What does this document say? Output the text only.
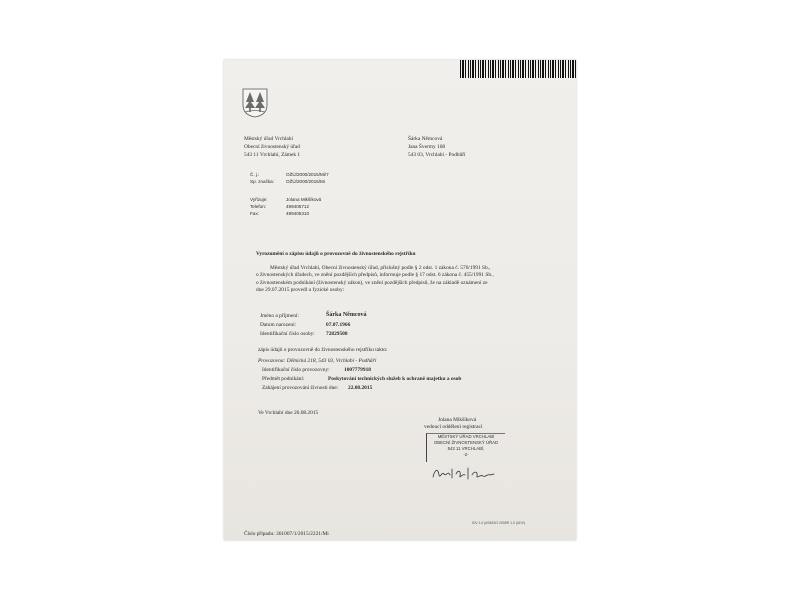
Městský úřad Vrchlabí
Obecní živnostenský úřad
543 11 Vrchlabí, Zámek 1
Šárka Němcová
Jana Švermy 168
543 03, Vrchlabí - Podhůří
Č. j.:	OŽÚ/2000/2015/Mi/7
Sp. značka:	OŽÚ/2000/2015/Mi
Vyřizuje:	Jolana Mikšíková
Telefon:	499405712
Fax:	499405310
Vyrozumění o zápisu údajů o provozovně do živnostenského rejstříku
Městský úřad Vrchlabí, Obecní živnostenský úřad, příslušný podle § 2 odst. 1 zákona č. 570/1991 Sb.,
o živnostenských úřadech, ve znění pozdějších předpisů, informuje podle § 17 odst. 6 zákona č. 455/1991 Sb.,
o živnostenském podnikání (živnostenský zákon), ve znění pozdějších předpisů, že na základě oznámení ze
dne 29.07.2015 provedl u fyzické osoby:
Jméno a příjmení:	Šárka Němcová
Datum narození:	07.07.1966
Identifikační číslo osoby: 72829508
zápis údajů o provozovně do živnostenského rejstříku takto:
Provozovna: Dělnická 218, 543 03, Vrchlabí - Podhůří
Identifikační číslo provozovny:	1007779918
Předmět podnikání:	Poskytování technických služeb k ochraně majetku a osob
Zahájení provozování živnosti dne: 22.08.2015
Ve Vrchlabí dne 26.08.2015
Jolana Mikšíková
vedoucí oddělení registrací
MĚSTSKÝ ÚŘAD VRCHLABÍ
OBECNÍ ŽIVNOSTENSKÝ ÚŘAD
543 11 VRCHLABÍ,
-2-
IDV 1.0 jd/0615/1 2005R 1.0 (UDV)
Číslo případu: 361007/1/2015/2221/Mi
